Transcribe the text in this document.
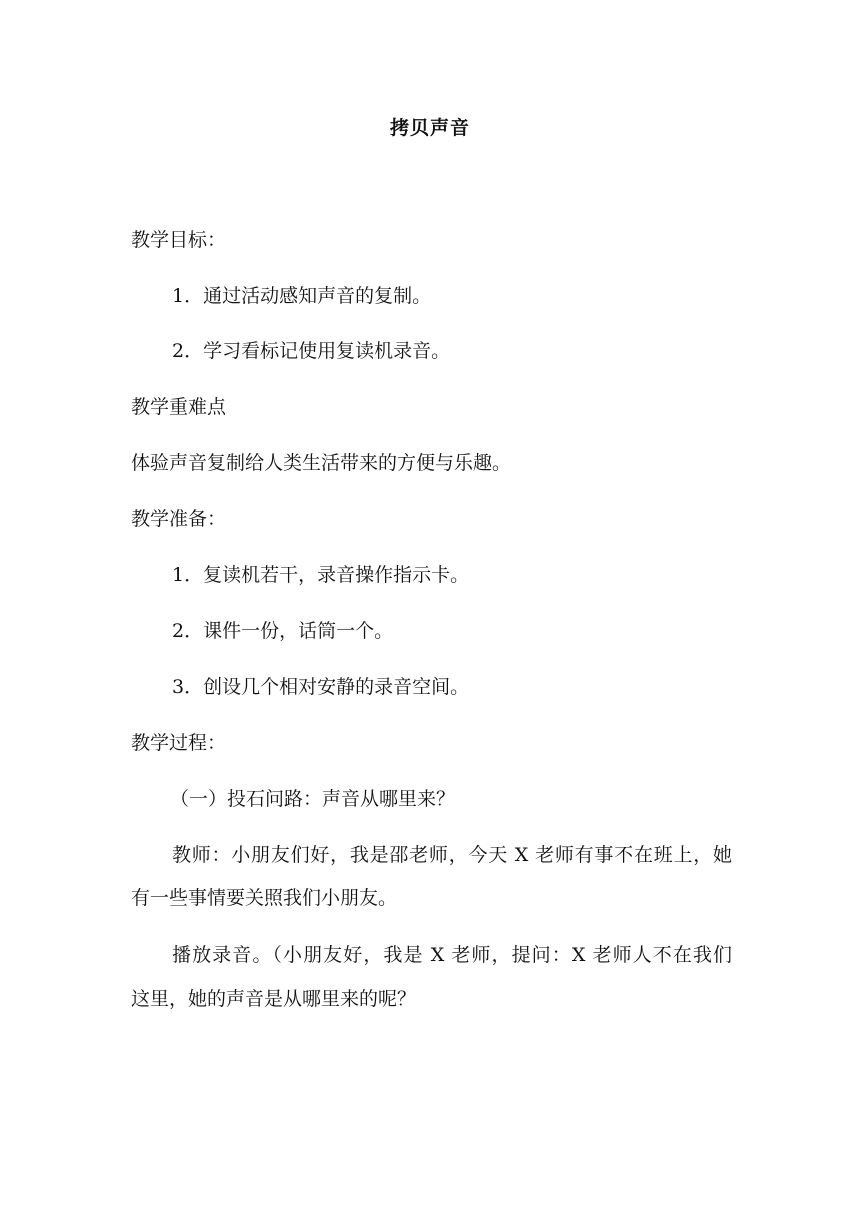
拷贝声音
教学目标：
1．通过活动感知声音的复制。
2．学习看标记使用复读机录音。
教学重难点
体验声音复制给人类生活带来的方便与乐趣。
教学准备：
1．复读机若干，录音操作指示卡。
2．课件一份，话筒一个。
3．创设几个相对安静的录音空间。
教学过程：
（一）投石问路：声音从哪里来？
教师：小朋友们好，我是邵老师，今天 X 老师有事不在班上，她
有一些事情要关照我们小朋友。
播放录音。（小朋友好，我是 X 老师，提问：X 老师人不在我们
这里，她的声音是从哪里来的呢？
